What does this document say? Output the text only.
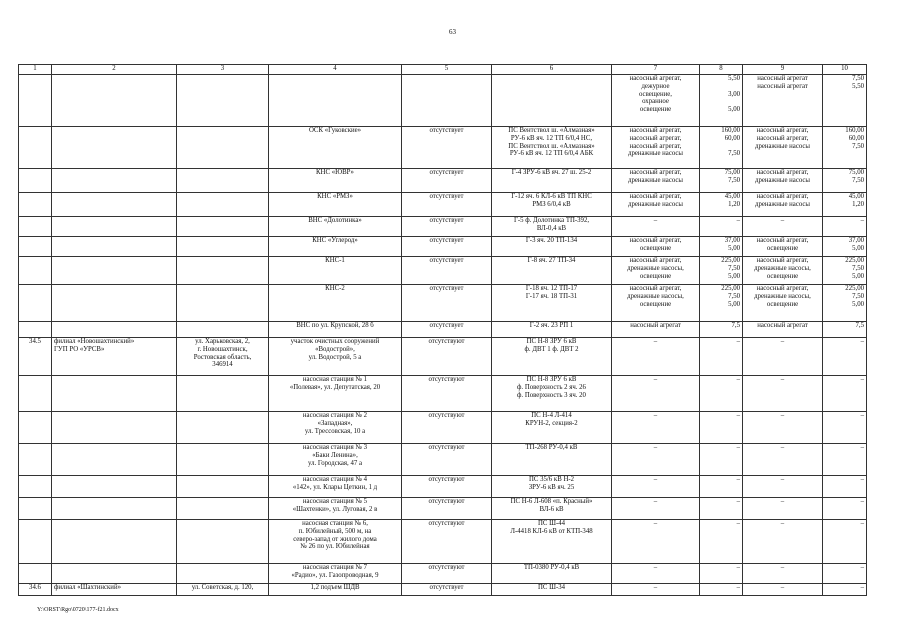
63
1	2	3	4	5	6	7	8	9	10

						насосный агрегат,
дежурное
освещение,
охранное
освещение	5,50

3,00

5,00	насосный агрегат
насосный агрегат	7,50
5,50

			ОСК «Гуковские»	отсутствует	ПС Вентствол ш. «Алмазная»
РУ-6 кВ яч. 12 ТП 6/0,4 НС,
ПС Вентствол ш. «Алмазная»
РУ-6 кВ яч. 12 ТП 6/0,4 АБК	насосный агрегат,
насосный агрегат,
насосный агрегат,
дренажные насосы	160,00
60,00

7,50	насосный агрегат,
насосный агрегат,
дренажные насосы	160,00
60,00
7,50

			КНС «ЮВР»	отсутствует	Г-4 ЗРУ-6 кВ яч. 27 ш. 25-2	насосный агрегат,
дренажные насосы	75,00
7,50	насосный агрегат,
дренажные насосы	75,00
7,50

			КНС «РМЗ»	отсутствует	Г-12 яч. 6 КЛ-6 кВ ТП КНС
РМЗ 6/0,4 кВ	насосный агрегат,
дренажные насосы	45,00
1,20	насосный агрегат,
дренажные насосы	45,00
1,20

			ВНС «Долотинка»	отсутствует	Г-5 ф. Долотинка ТП-392,
ВЛ-0,4 кВ	–	–	–	–

			КНС «Углерод»	отсутствует	Г-3 яч. 20 ТП-134	насосный агрегат,
освещение	37,00
5,00	насосный агрегат,
освещение	37,00
5,00

			КНС-1	отсутствует	Г-8 яч. 27 ТП-34	насосный агрегат,
дренажные насосы,
освещение	225,00
7,50
5,00	насосный агрегат,
дренажные насосы,
освещение	225,00
7,50
5,00

			КНС-2	отсутствует	Г-18 яч. 12 ТП-17
Г-17 яч. 18 ТП-31	насосный агрегат,
дренажные насосы,
освещение	225,00
7,50
5,00	насосный агрегат,
дренажные насосы,
освещение	225,00
7,50
5,00

			ВНС по ул. Крупской, 28 б	отсутствует	Г-2 яч. 23 РП 1	насосный агрегат	7,5	насосный агрегат	7,5

34.5	филиал «Новошахтинский»
ГУП РО «УРСВ»	ул. Харьковская, 2,
г. Новошахтинск,
Ростовская область,
346914	участок очистных сооружений
«Водострой»,
ул. Водострой, 5 а	отсутствуют	ПС Н-8 ЗРУ 6 кВ
ф. ДВТ 1 ф. ДВТ 2	–	–	–	–

			насосная станция № 1
«Полевая», ул. Депутатская, 20	отсутствуют	ПС Н-8 ЗРУ 6 кВ
ф. Поверхность 2 яч. 26
ф. Поверхность 3 яч. 20	–	–	–	–

			насосная станция № 2
«Западная»,
ул. Трессовская, 10 а	отсутствуют	ПС Н-4 Л-414
КРУН-2, секция-2	–	–	–	–

			насосная станция № 3
«Баки Ленина»,
ул. Городская, 47 а	отсутствуют	ТП-268 РУ-0,4 кВ	–	–	–	–

			насосная станция № 4
«142», ул. Клары Цеткин, 1 д	отсутствуют	ПС 35/6 кВ Н-2
ЗРУ-6 кВ яч. 25	–	–	–	–

			насосная станция № 5
«Шахтенки», ул. Луговая, 2 в	отсутствуют	ПС Н-6 Л-608 «п. Красный»
ВЛ-6 кВ	–	–	–	–

			насосная станция № 6,
п. Юбилейный, 500 м, на
северо-запад от жилого дома
№ 26 по ул. Юбилейная	отсутствуют	ПС Ш-44
Л-4418 КЛ-6 кВ от КТП-348	–	–	–	–

			насосная станция № 7
«Радио», ул. Газопроводная, 9	отсутствуют	ТП-0380 РУ-0,4 кВ	–	–	–	–

34.6	филиал «Шахтинский»	ул. Советская, д. 120,	1,2 подъем ШДВ	отсутствует	ПС Ш-34	–	–	–	–
Y:\ORST\Rgo\0720\177-f21.docx
